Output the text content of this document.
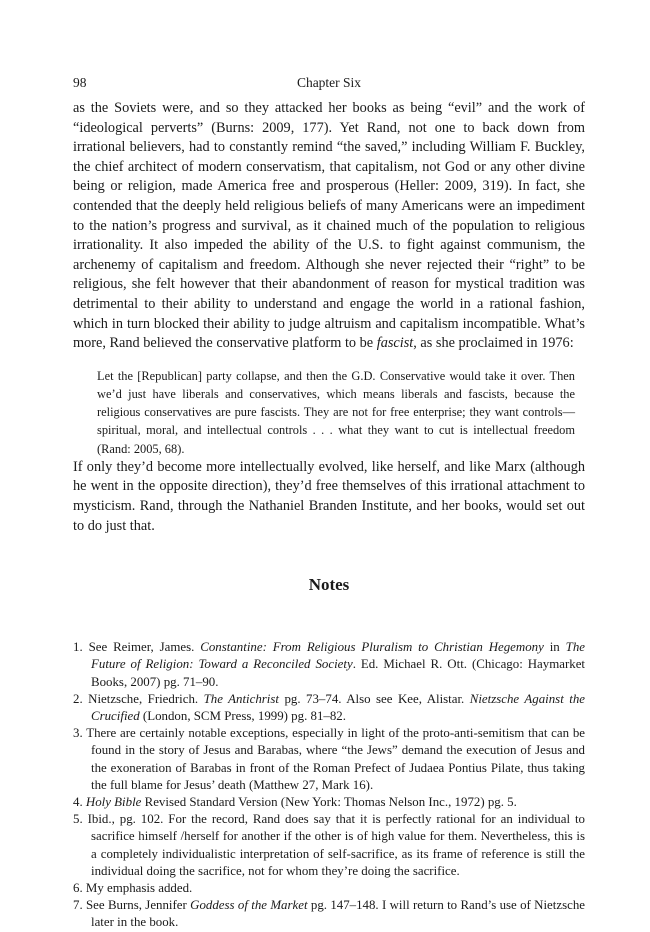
98	Chapter Six

as the Soviets were, and so they attacked her books as being “evil” and the work of “ideological perverts” (Burns: 2009, 177). Yet Rand, not one to back down from irrational believers, had to constantly remind “the saved,” including William F. Buckley, the chief architect of modern conservatism, that capitalism, not God or any other divine being or religion, made America free and prosperous (Heller: 2009, 319). In fact, she contended that the deeply held religious beliefs of many Americans were an impediment to the nation’s progress and survival, as it chained much of the population to religious irrationality. It also impeded the ability of the U.S. to fight against communism, the archenemy of capitalism and freedom. Although she never rejected their “right” to be religious, she felt however that their abandonment of reason for mystical tradition was detrimental to their ability to understand and engage the world in a rational fashion, which in turn blocked their ability to judge altruism and capitalism incompatible. What’s more, Rand believed the conservative platform to be fascist, as she proclaimed in 1976:

Let the [Republican] party collapse, and then the G.D. Conservative would take it over. Then we’d just have liberals and conservatives, which means liberals and fascists, because the religious conservatives are pure fascists. They are not for free enterprise; they want controls—spiritual, moral, and intellectual controls . . . what they want to cut is intellectual freedom (Rand: 2005, 68).

If only they’d become more intellectually evolved, like herself, and like Marx (although he went in the opposite direction), they’d free themselves of this irrational attachment to mysticism. Rand, through the Nathaniel Branden Institute, and her books, would set out to do just that.

Notes
1. See Reimer, James. Constantine: From Religious Pluralism to Christian Hegemony in The Future of Religion: Toward a Reconciled Society. Ed. Michael R. Ott. (Chicago: Haymarket Books, 2007) pg. 71–90.
2. Nietzsche, Friedrich. The Antichrist pg. 73–74. Also see Kee, Alistar. Nietzsche Against the Crucified (London, SCM Press, 1999) pg. 81–82.
3. There are certainly notable exceptions, especially in light of the proto-anti-semitism that can be found in the story of Jesus and Barabas, where “the Jews” demand the execution of Jesus and the exoneration of Barabas in front of the Roman Prefect of Judaea Pontius Pilate, thus taking the full blame for Jesus’ death (Matthew 27, Mark 16).
4. Holy Bible Revised Standard Version (New York: Thomas Nelson Inc., 1972) pg. 5.
5. Ibid., pg. 102. For the record, Rand does say that it is perfectly rational for an individual to sacrifice himself /herself for another if the other is of high value for them. Nevertheless, this is a completely individualistic interpretation of self-sacrifice, as its frame of reference is still the individual doing the sacrifice, not for whom they’re doing the sacrifice.
6. My emphasis added.
7. See Burns, Jennifer Goddess of the Market pg. 147–148. I will return to Rand’s use of Nietzsche later in the book.
